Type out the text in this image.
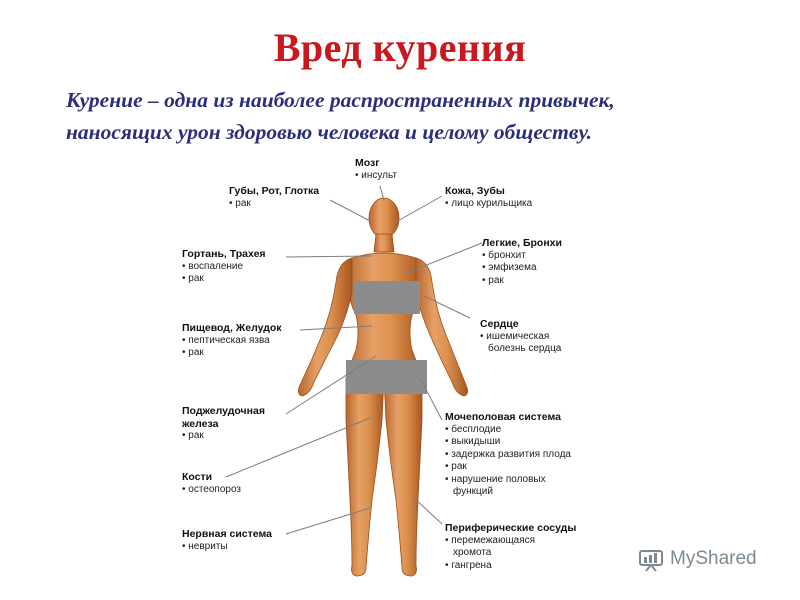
Вред курения
Курение – одна из наиболее распространенных привычек,
наносящих урон здоровью человека и целому обществу.
Мозг
• инсульт
Губы, Рот, Глотка
• рак
Кожа, Зубы
• лицо курильщика
Гортань, Трахея
• воспаление
• рак
Легкие, Бронхи
• бронхит
• эмфизема
• рак
Пищевод, Желудок
• пептическая язва
• рак
Сердце
• ишемическая
болезнь сердца
Поджелудочная
железа
• рак
Мочеполовая система
• бесплодие
• выкидыши
• задержка развития плода
• рак
• нарушение половых
функций
Кости
• остеопороз
Нервная система
• невриты
Периферические сосуды
• перемежающаяся
хромота
• гангрена	MyShared
